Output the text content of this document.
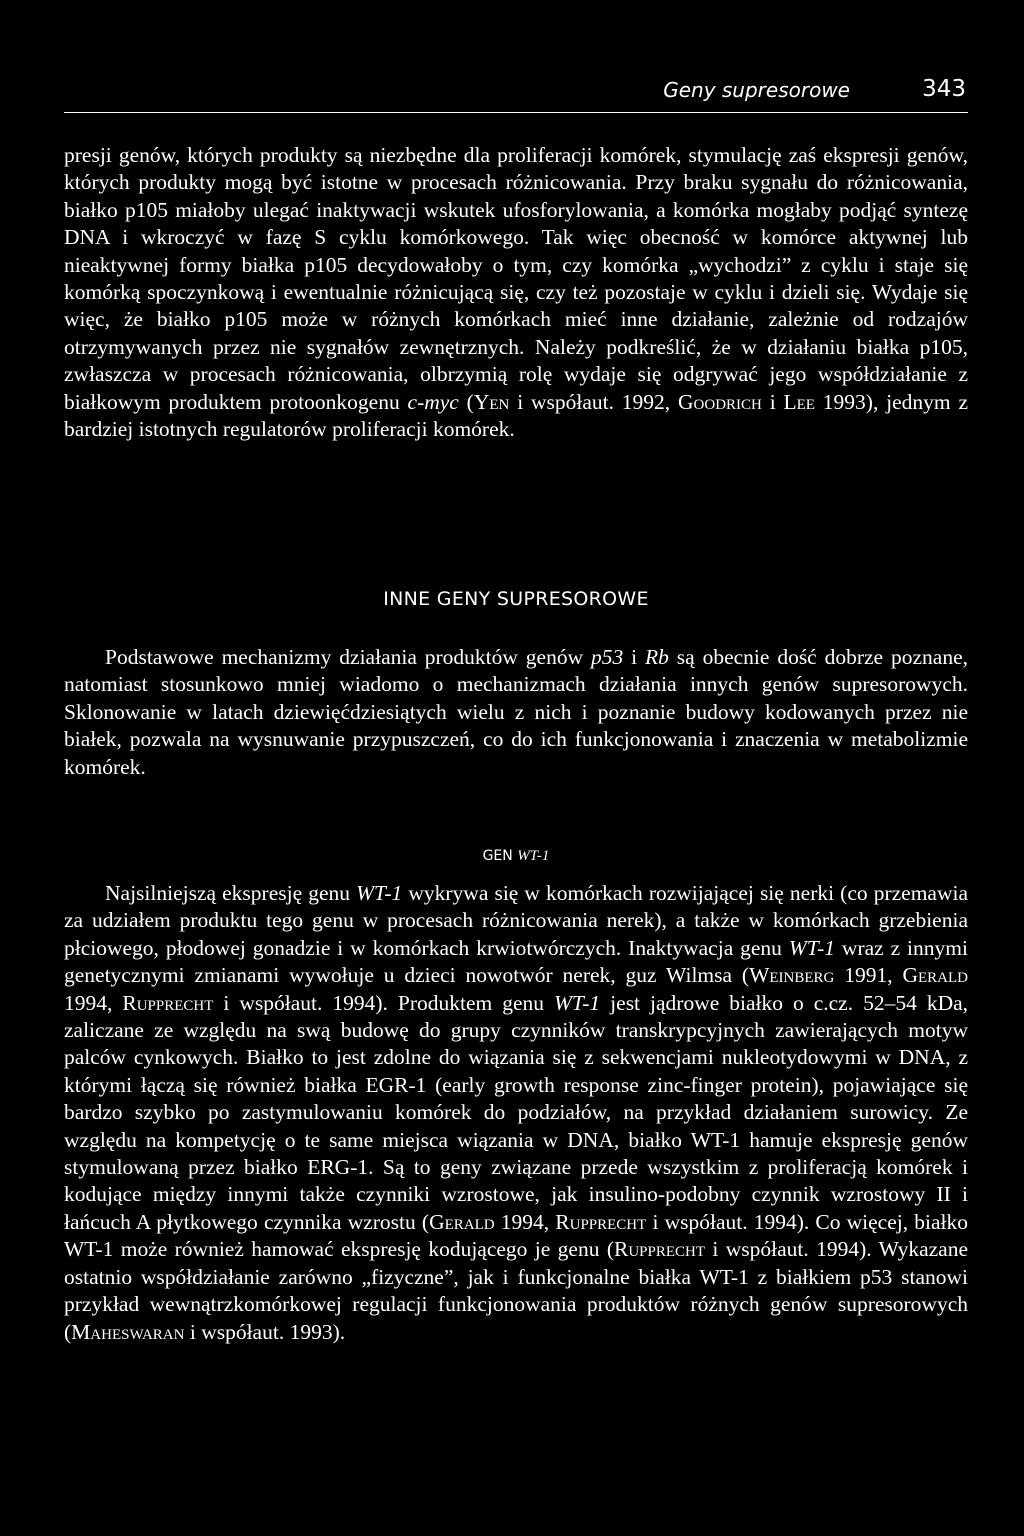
Geny supresorowe	343

presji genów, których produkty są niezbędne dla proliferacji komórek, stymulację zaś ekspresji genów, których produkty mogą być istotne w procesach różnicowania. Przy braku sygnału do różnicowania, białko p105 miałoby ulegać inaktywacji wskutek ufosforylowania, a komórka mogłaby podjąć syntezę DNA i wkroczyć w fazę S cyklu komórkowego. Tak więc obecność w komórce aktywnej lub nieaktywnej formy białka p105 decydowałoby o tym, czy komórka „wychodzi” z cyklu i staje się komórką spoczynkową i ewentualnie różnicującą się, czy też pozostaje w cyklu i dzieli się. Wydaje się więc, że białko p105 może w różnych komórkach mieć inne działanie, zależnie od rodzajów otrzymywanych przez nie sygnałów zewnętrznych. Należy podkreślić, że w działaniu białka p105, zwłaszcza w procesach różnicowania, olbrzymią rolę wydaje się odgrywać jego współdziałanie z białkowym produktem protoonkogenu c-myc (Yen i współaut. 1992, Goodrich i Lee 1993), jednym z bardziej istotnych regulatorów proliferacji komórek.

INNE GENY SUPRESOROWE

Podstawowe mechanizmy działania produktów genów p53 i Rb są obecnie dość dobrze poznane, natomiast stosunkowo mniej wiadomo o mechanizmach działania innych genów supresorowych. Sklonowanie w latach dziewięćdziesiątych wielu z nich i poznanie budowy kodowanych przez nie białek, pozwala na wysnuwanie przypuszczeń, co do ich funkcjonowania i znaczenia w metabolizmie komórek.

GEN WT-1

Najsilniejszą ekspresję genu WT-1 wykrywa się w komórkach rozwijającej się nerki (co przemawia za udziałem produktu tego genu w procesach różnicowania nerek), a także w komórkach grzebienia płciowego, płodowej gonadzie i w komórkach krwiotwórczych. Inaktywacja genu WT-1 wraz z innymi genetycznymi zmianami wywołuje u dzieci nowotwór nerek, guz Wilmsa (Weinberg 1991, Gerald 1994, Rupprecht i współaut. 1994). Produktem genu WT-1 jest jądrowe białko o c.cz. 52–54 kDa, zaliczane ze względu na swą budowę do grupy czynników transkrypcyjnych zawierających motyw palców cynkowych. Białko to jest zdolne do wiązania się z sekwencjami nukleotydowymi w DNA, z którymi łączą się również białka EGR-1 (early growth response zinc-finger protein), pojawiające się bardzo szybko po zastymulowaniu komórek do podziałów, na przykład działaniem surowicy. Ze względu na kompetycję o te same miejsca wiązania w DNA, białko WT-1 hamuje ekspresję genów stymulowaną przez białko ERG-1. Są to geny związane przede wszystkim z proliferacją komórek i kodujące między innymi także czynniki wzrostowe, jak insulino-podobny czynnik wzrostowy II i łańcuch A płytkowego czynnika wzrostu (Gerald 1994, Rupprecht i współaut. 1994). Co więcej, białko WT-1 może również hamować ekspresję kodującego je genu (Rupprecht i współaut. 1994). Wykazane ostatnio współdziałanie zarówno „fizyczne”, jak i funkcjonalne białka WT-1 z białkiem p53 stanowi przykład wewnątrzkomórkowej regulacji funkcjonowania produktów różnych genów supresorowych (Maheswaran i współaut. 1993).
